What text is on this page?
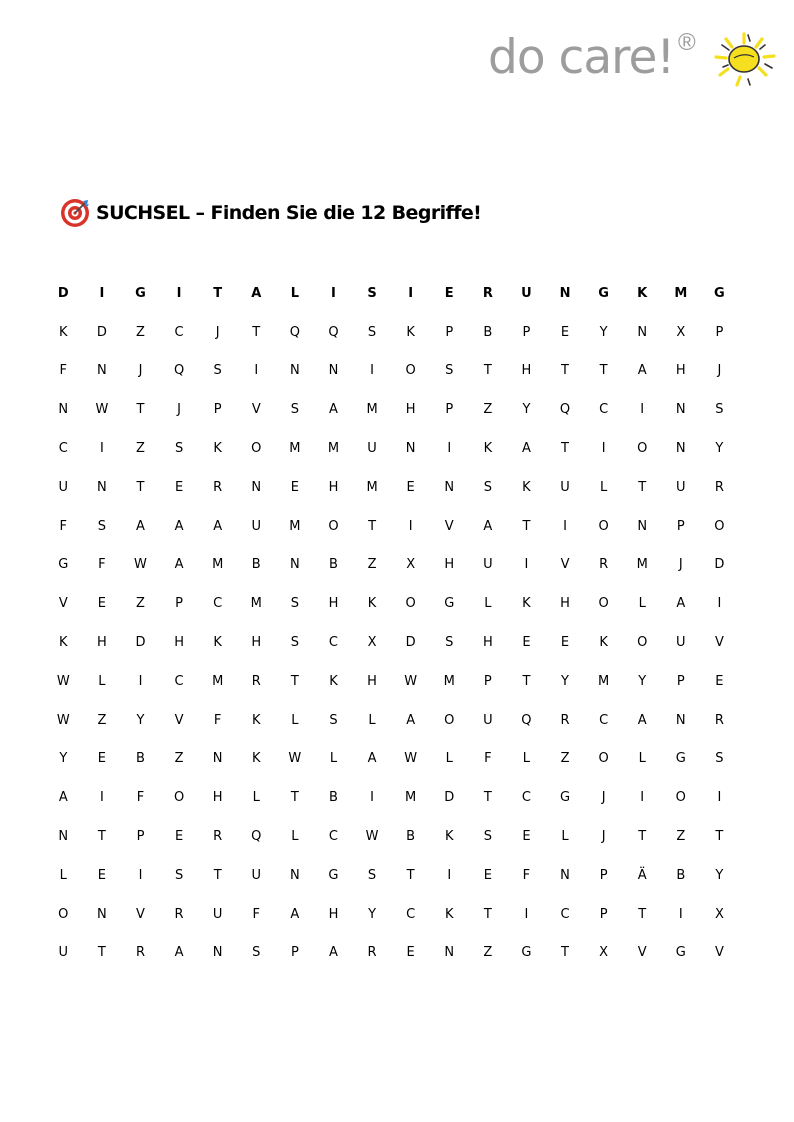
do care! ®
SUCHSEL – Finden Sie die 12 Begriffe!
D	I	G	I	T	A	L	I	S	I	E	R	U	N	G	K	M	G
K	D	Z	C	J	T	Q	Q	S	K	P	B	P	E	Y	N	X	P
F	N	J	Q	S	I	N	N	I	O	S	T	H	T	T	A	H	J
N	W	T	J	P	V	S	A	M	H	P	Z	Y	Q	C	I	N	S
C	I	Z	S	K	O	M	M	U	N	I	K	A	T	I	O	N	Y
U	N	T	E	R	N	E	H	M	E	N	S	K	U	L	T	U	R
F	S	A	A	A	U	M	O	T	I	V	A	T	I	O	N	P	O
G	F	W	A	M	B	N	B	Z	X	H	U	I	V	R	M	J	D
V	E	Z	P	C	M	S	H	K	O	G	L	K	H	O	L	A	I
K	H	D	H	K	H	S	C	X	D	S	H	E	E	K	O	U	V
W	L	I	C	M	R	T	K	H	W	M	P	T	Y	M	Y	P	E
W	Z	Y	V	F	K	L	S	L	A	O	U	Q	R	C	A	N	R
Y	E	B	Z	N	K	W	L	A	W	L	F	L	Z	O	L	G	S
A	I	F	O	H	L	T	B	I	M	D	T	C	G	J	I	O	I
N	T	P	E	R	Q	L	C	W	B	K	S	E	L	J	T	Z	T
L	E	I	S	T	U	N	G	S	T	I	E	F	N	P	Ä	B	Y
O	N	V	R	U	F	A	H	Y	C	K	T	I	C	P	T	I	X
U	T	R	A	N	S	P	A	R	E	N	Z	G	T	X	V	G	V
